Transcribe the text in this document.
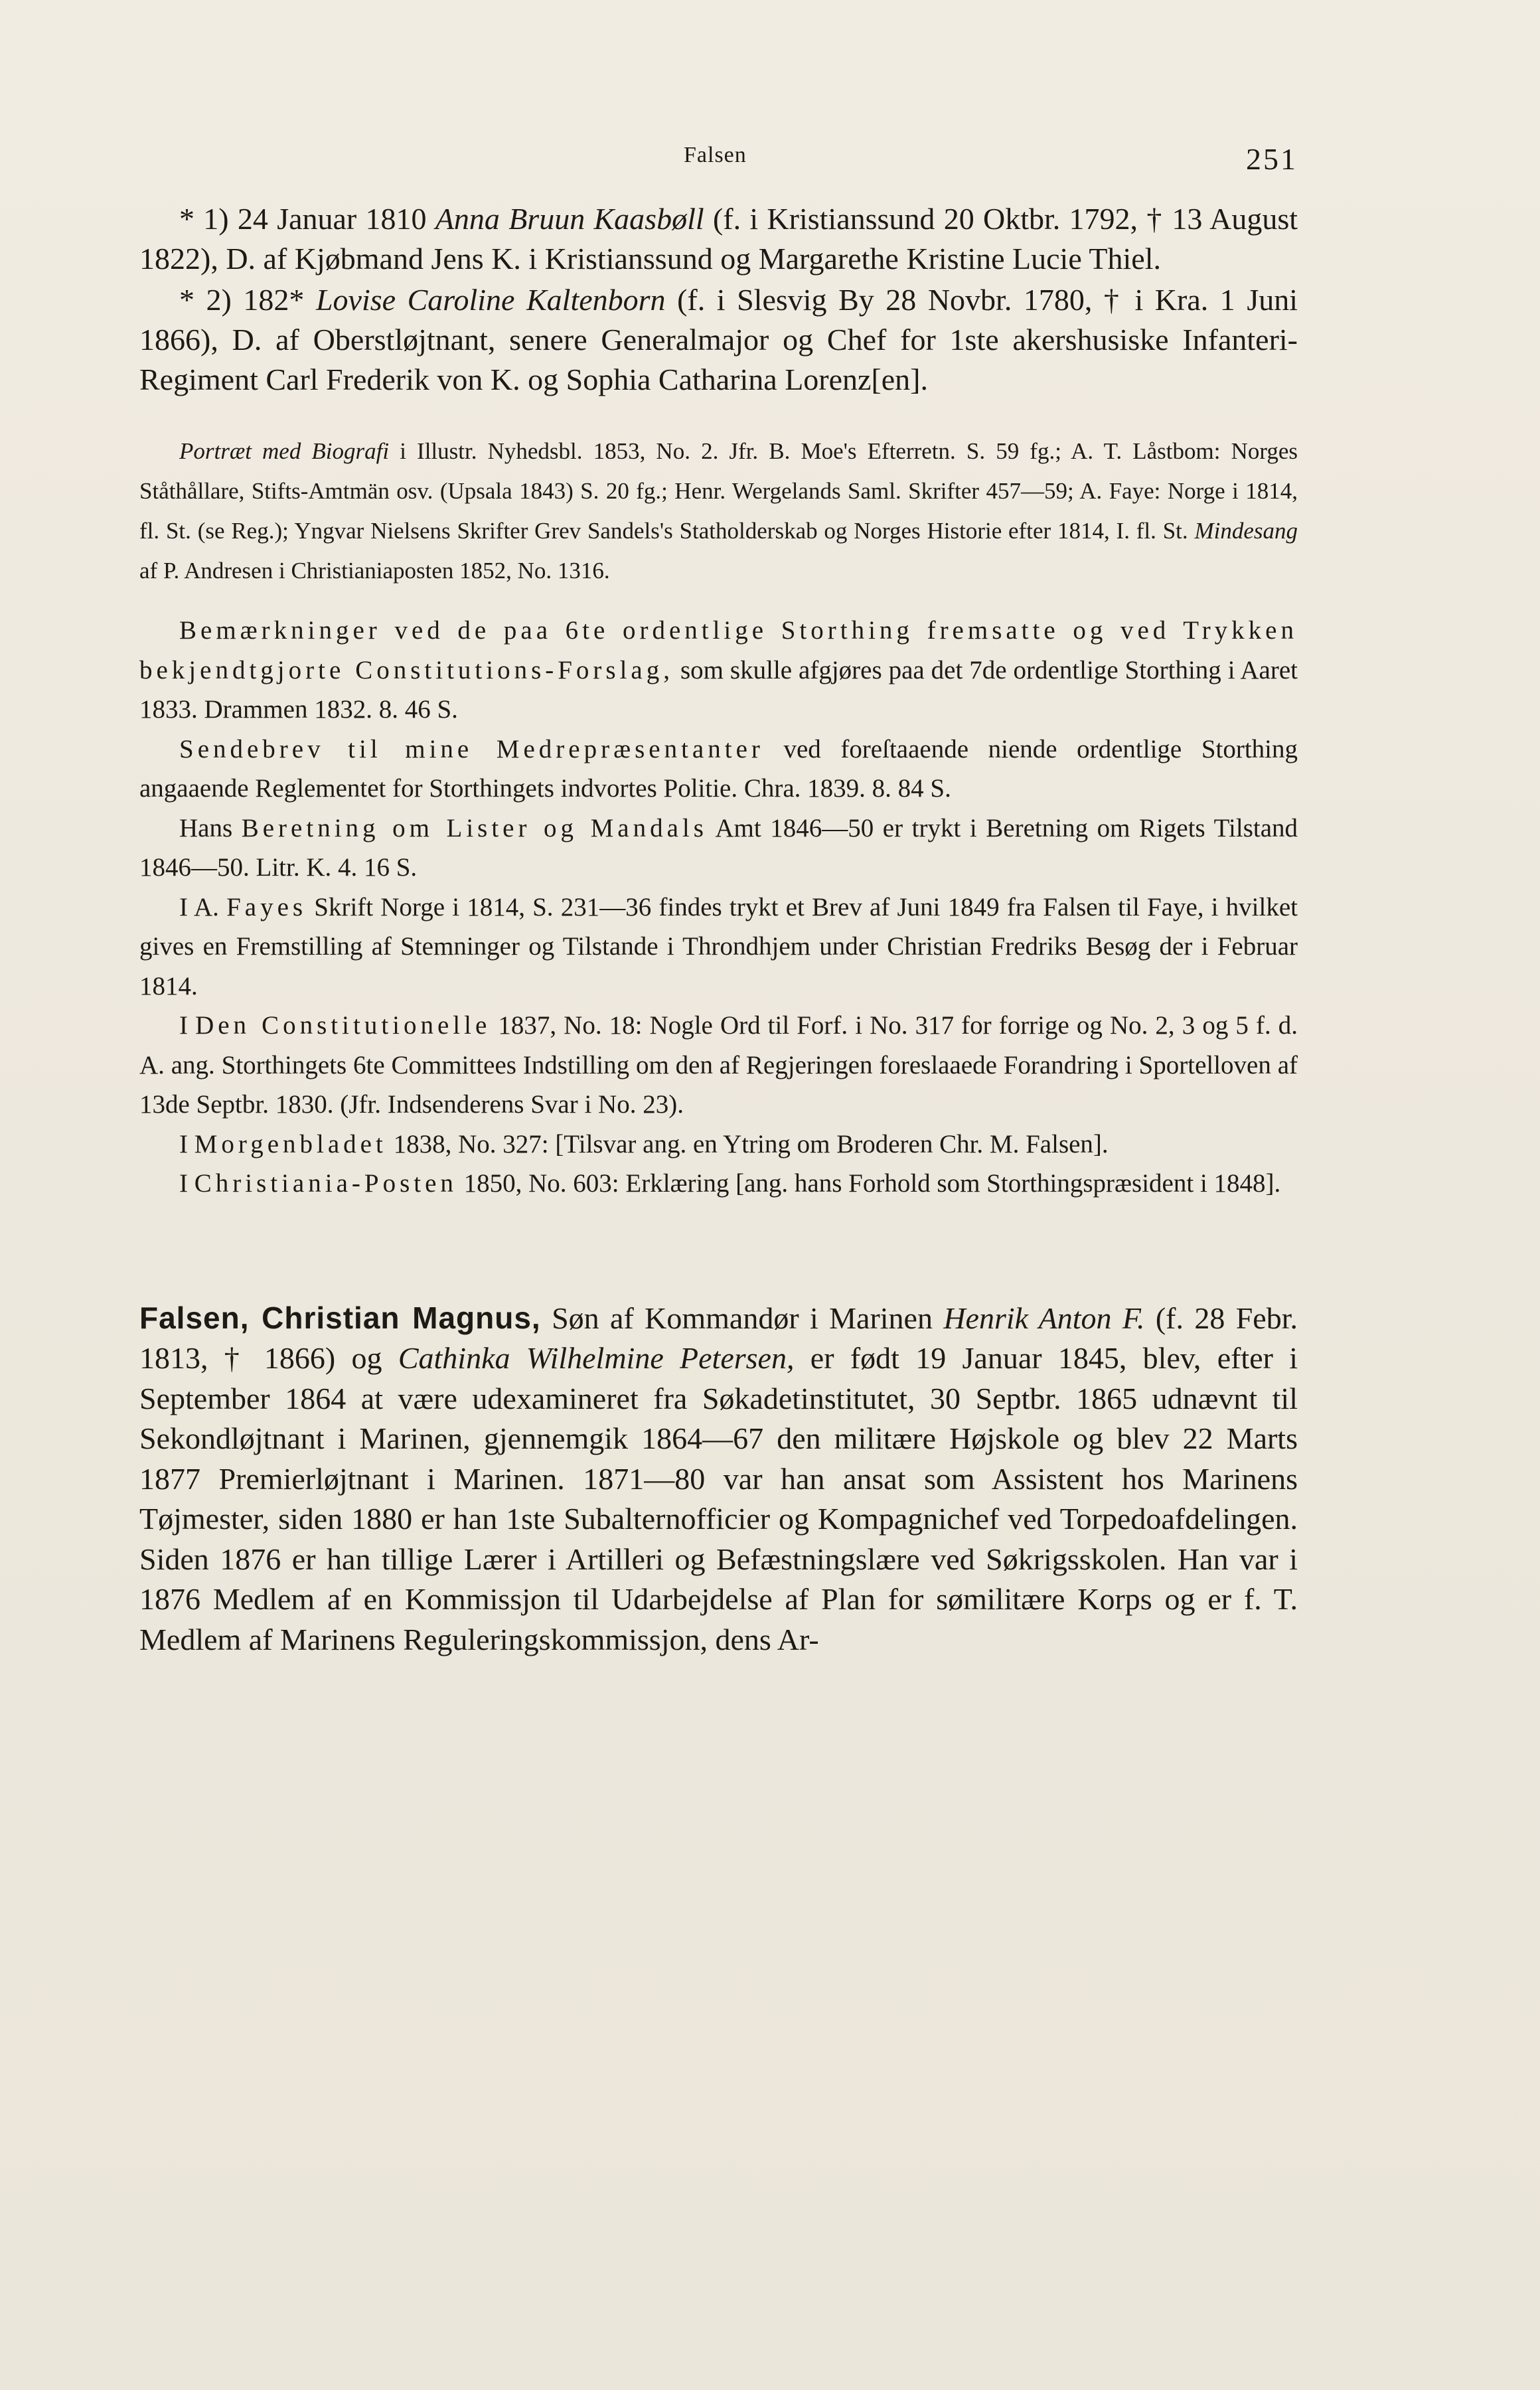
Falsen	251

* 1) 24 Januar 1810 Anna Bruun Kaasbøll (f. i Kristianssund 20 Oktbr. 1792, † 13 August 1822), D. af Kjøbmand Jens K. i Kristianssund og Margarethe Kristine Lucie Thiel.

* 2) 182* Lovise Caroline Kaltenborn (f. i Slesvig By 28 Novbr. 1780, † i Kra. 1 Juni 1866), D. af Oberstløjtnant, senere Generalmajor og Chef for 1ste akershusiske Infanteri-Regiment Carl Frederik von K. og Sophia Catharina Lorenz[en].

Portræt med Biografi i Illustr. Nyhedsbl. 1853, No. 2. Jfr. B. Moe's Efterretn. S. 59 fg.; A. T. Låstbom: Norges Ståthållare, Stifts-Amtmän osv. (Upsala 1843) S. 20 fg.; Henr. Wergelands Saml. Skrifter 457—59; A. Faye: Norge i 1814, fl. St. (se Reg.); Yngvar Nielsens Skrifter Grev Sandels's Statholderskab og Norges Historie efter 1814, I. fl. St. Mindesang af P. Andresen i Christianiaposten 1852, No. 1316.

Bemærkninger ved de paa 6te ordentlige Storthing fremsatte og ved Trykken bekjendtgjorte Constitutions-Forslag, som skulle afgjøres paa det 7de ordentlige Storthing i Aaret 1833. Drammen 1832. 8. 46 S.

Sendebrev til mine Medrepræsentanter ved foreſtaaende niende ordentlige Storthing angaaende Reglementet for Storthingets indvortes Politie. Chra. 1839. 8. 84 S.

Hans Beretning om Lister og Mandals Amt 1846—50 er trykt i Beretning om Rigets Tilstand 1846—50. Litr. K. 4. 16 S.

I A. Fayes Skrift Norge i 1814, S. 231—36 findes trykt et Brev af Juni 1849 fra Falsen til Faye, i hvilket gives en Fremstilling af Stemninger og Tilstande i Throndhjem under Christian Fredriks Besøg der i Februar 1814.

I Den Constitutionelle 1837, No. 18: Nogle Ord til Forf. i No. 317 for forrige og No. 2, 3 og 5 f. d. A. ang. Storthingets 6te Committees Indstilling om den af Regjeringen foreslaaede Forandring i Sportelloven af 13de Septbr. 1830. (Jfr. Indsenderens Svar i No. 23).

I Morgenbladet 1838, No. 327: [Tilsvar ang. en Ytring om Broderen Chr. M. Falsen].

I Christiania-Posten 1850, No. 603: Erklæring [ang. hans Forhold som Storthingspræsident i 1848].

Falsen, Christian Magnus, Søn af Kommandør i Marinen Henrik Anton F. (f. 28 Febr. 1813, † 1866) og Cathinka Wilhelmine Petersen, er født 19 Januar 1845, blev, efter i September 1864 at være udexamineret fra Søkadetinstitutet, 30 Septbr. 1865 udnævnt til Sekondløjtnant i Marinen, gjennemgik 1864—67 den militære Højskole og blev 22 Marts 1877 Premierløjtnant i Marinen. 1871—80 var han ansat som Assistent hos Marinens Tøjmester, siden 1880 er han 1ste Subalternofficier og Kompagnichef ved Torpedoafdelingen. Siden 1876 er han tillige Lærer i Artilleri og Befæstningslære ved Søkrigsskolen. Han var i 1876 Medlem af en Kommissjon til Udarbejdelse af Plan for sømilitære Korps og er f. T. Medlem af Marinens Reguleringskommissjon, dens Ar-
